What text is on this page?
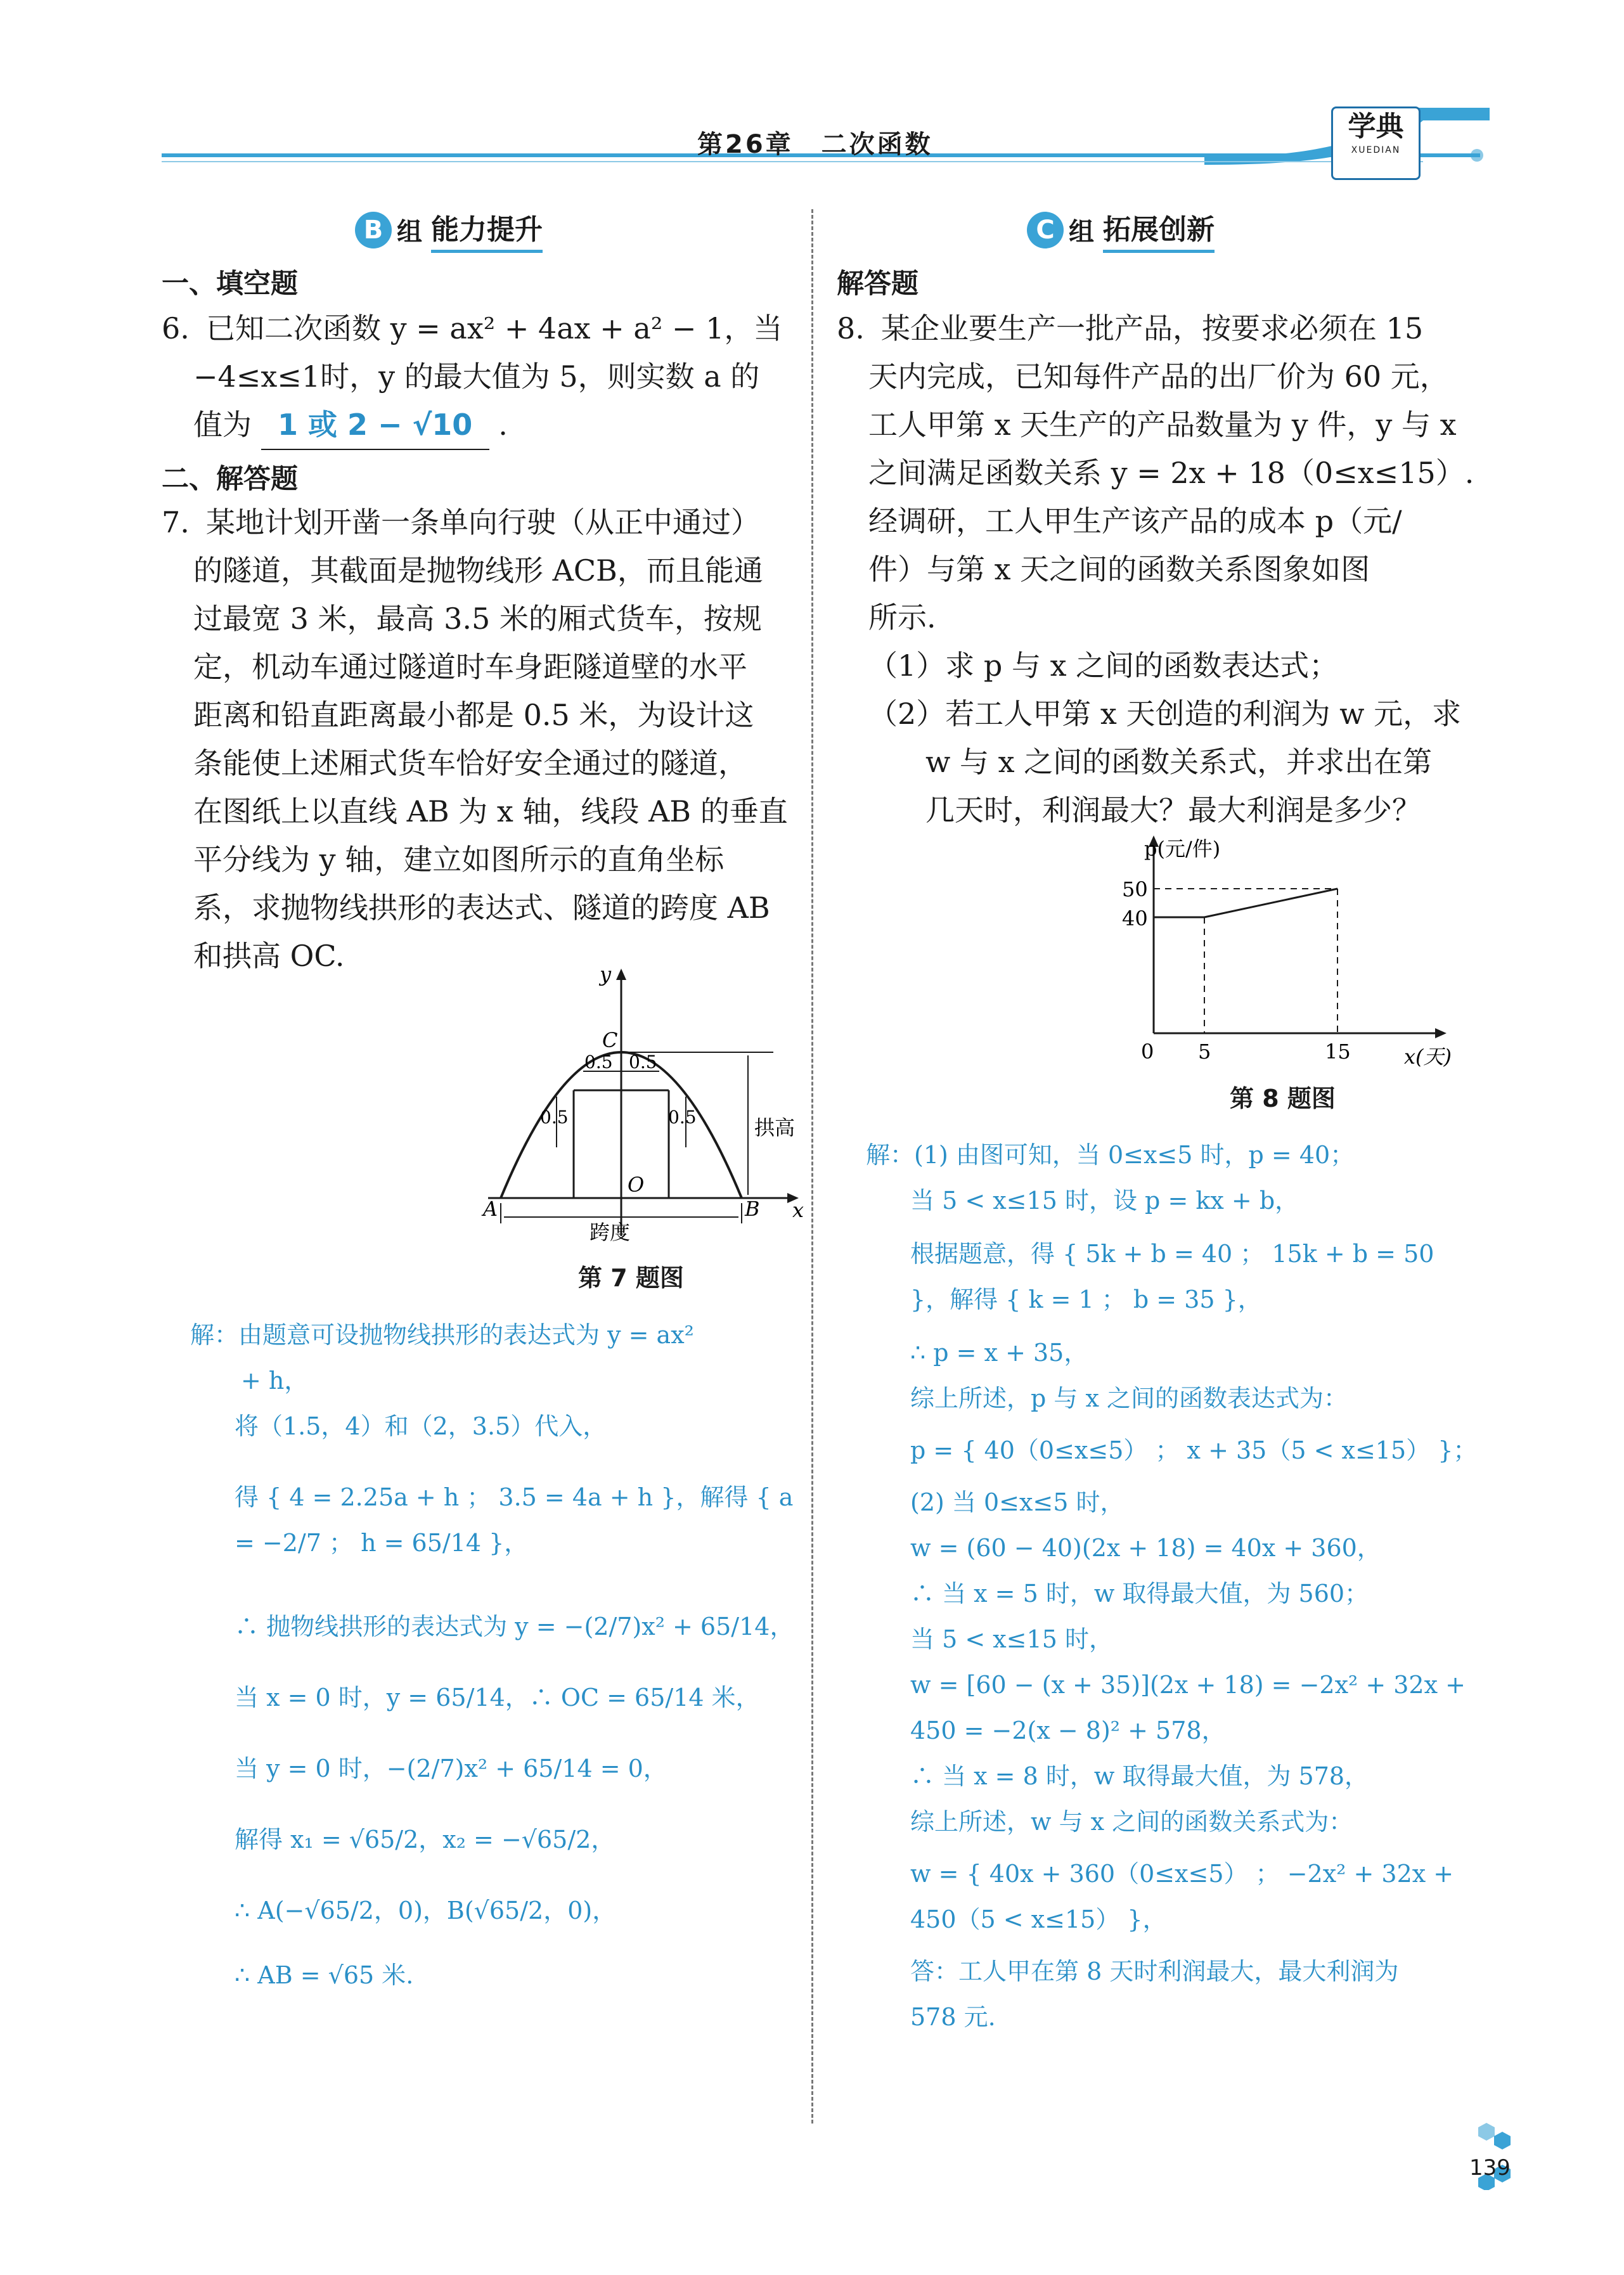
第26章　二次函数
学典
XUEDIAN
B 组 能力提升
一、填空题
6. 已知二次函数 y = ax² + 4ax + a² − 1，当
−4≤x≤1时，y 的最大值为 5，则实数 a 的
值为 1 或 2 − √10 .
二、解答题
7. 某地计划开凿一条单向行驶（从正中通过）
的隧道，其截面是抛物线形 ACB，而且能通
过最宽 3 米，最高 3.5 米的厢式货车，按规
定，机动车通过隧道时车身距隧道壁的水平
距离和铅直距离最小都是 0.5 米，为设计这
条能使上述厢式货车恰好安全通过的隧道，
在图纸上以直线 AB 为 x 轴，线段 AB 的垂直
平分线为 y 轴，建立如图所示的直角坐标
系，求抛物线拱形的表达式、隧道的跨度 AB
和拱高 OC.
y
x
C
O
A	B
0.5 0.5
0.5	0.5	拱高
跨度
第 7 题图
解：由题意可设抛物线拱形的表达式为 y = ax²
+ h，
将（1.5，4）和（2，3.5）代入，
得 { 4 = 2.25a + h ； 3.5 = 4a + h }，解得 { a = −2/7 ； h = 65/14 }，
∴ 抛物线拱形的表达式为 y = −(2/7)x² + 65/14，
当 x = 0 时，y = 65/14，∴ OC = 65/14 米，
当 y = 0 时，−(2/7)x² + 65/14 = 0，
解得 x₁ = √65/2，x₂ = −√65/2，
∴ A(−√65/2，0)，B(√65/2，0)，
∴ AB = √65 米.
C 组 拓展创新
解答题
8. 某企业要生产一批产品，按要求必须在 15
天内完成，已知每件产品的出厂价为 60 元，
工人甲第 x 天生产的产品数量为 y 件，y 与 x
之间满足函数关系 y = 2x + 18（0≤x≤15）.
经调研，工人甲生产该产品的成本 p（元/
件）与第 x 天之间的函数关系图象如图
所示.
（1）求 p 与 x 之间的函数表达式；
（2）若工人甲第 x 天创造的利润为 w 元，求
w 与 x 之间的函数关系式，并求出在第
几天时，利润最大？最大利润是多少？
p(元/件)
50
40
0 5	15	x(天)
第 8 题图
解：(1) 由图可知，当 0≤x≤5 时，p = 40；
当 5 < x≤15 时，设 p = kx + b，
根据题意，得 { 5k + b = 40 ； 15k + b = 50 }，解得 { k = 1 ； b = 35 }，
∴ p = x + 35，
综上所述，p 与 x 之间的函数表达式为：
p = { 40（0≤x≤5） ； x + 35（5 < x≤15） }；
(2) 当 0≤x≤5 时，
w = (60 − 40)(2x + 18) = 40x + 360，
∴ 当 x = 5 时，w 取得最大值，为 560；
当 5 < x≤15 时，
w = [60 − (x + 35)](2x + 18) = −2x² + 32x +
450 = −2(x − 8)² + 578，
∴ 当 x = 8 时，w 取得最大值，为 578，
综上所述，w 与 x 之间的函数关系式为：
w = { 40x + 360（0≤x≤5） ； −2x² + 32x + 450（5 < x≤15） }，
答：工人甲在第 8 天时利润最大，最大利润为
578 元.
139
